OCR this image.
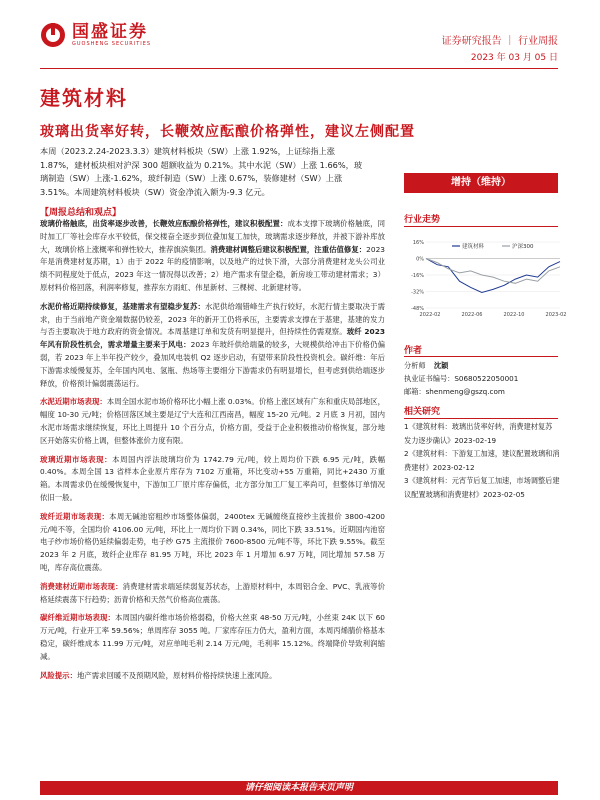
国盛证券
GUOSHENG SECURITIES	证券研究报告 ｜ 行业周报
2023 年 03 月 05 日
建筑材料
玻璃出货率好转，长鞭效应酝酿价格弹性，建议左侧配置
本周（2023.2.24-2023.3.3）建筑材料板块（SW）上涨 1.92%，上证综指上涨 1.87%，建材板块相对沪深 300 超额收益为 0.21%。其中水泥（SW）上涨 1.66%，玻璃制造（SW）上涨-1.62%，玻纤制造（SW）上涨 0.67%，装修建材（SW）上涨 3.51%。本周建筑材料板块（SW）资金净流入额为-9.3 亿元。
增持（维持）
【周报总结和观点】
玻璃价格触底，出货率逐步改善，长鞭效应酝酿价格弹性，建议积极配置：成本支撑下玻璃价格触底，同时加工厂等社会库存水平较低，保交楼奋全逐步到位叠加复工加快，玻璃需求逐步释放，并被下游补库放大，玻璃价格上涨概率和弹性较大，推荐旗滨集团。消费建材调整后建议积极配置，注重估值修复：2023 年是消费建材复苏期，1）由于 2022 年的疫情影响，以及地产的过快下滑，大部分消费建材龙头公司业绩不同程度处于低点，2023 年这一情况得以改善；2）地产需求有望企稳，新房竣工带动建材需求；3）原材料价格回落，利润率修复，推荐东方雨虹、伟星新材、三棵树、北新建材等。
水泥价格近期持续修复，基建需求有望稳步复苏：水泥供给端错峰生产执行较好，水泥行情主要取决于需求，由于当前地产资金端数据仍较差，2023 年的新开工仍将承压，主要需求支撑在于基建，基建的发力与否主要取决于地方政府的资金情况。本周基建订单和发货有明显提升，但持续性仍需观察。玻纤 2023 年风有阶段性机会，需求增量主要来于风电：2023 年玻纤供给端量的较多，大规模供给冲击下价格仍偏弱，若 2023 年上半年投产较少，叠加风电装机 Q2 逐步启动，有望带来阶段性投资机会。碳纤维：年后下游需求缓慢复苏，全年国内风电、氢瓶、热场等主要细分下游需求仍有明显增长，但考虑到供给端逐步释放，价格预计偏弱震荡运行。
水泥近期市场表现：本周全国水泥市场价格环比小幅上涨 0.03%。价格上涨区域有广东和重庆局部地区，幅度 10-30 元/吨；价格回落区域主要是辽宁大连和江西南昌，幅度 15-20 元/吨。2 月底 3 月初，国内水泥市场需求继续恢复，环比上周提升 10 个百分点，价格方面，受益于企业积极推动价格恢复，部分地区开始落实价格上调，但整体涨价力度有限。
玻璃近期市场表现：本周国内浮法玻璃均价为 1742.79 元/吨，较上周均价下跌 6.95 元/吨，跌幅 0.40%。本周全国 13 省样本企业原片库存为 7102 万重箱，环比变动+55 万重箱，同比+2430 万重箱。本周需求仍在缓慢恢复中，下游加工厂原片库存偏低，北方部分加工厂复工率尚可，但整体订单情况依旧一般。
玻纤近期市场表现：本周无碱池窑粗纱市场整体偏弱，2400tex 无碱缠绕直接纱主流报价 3800-4200 元/吨不等，全国均价 4106.00 元/吨，环比上一周均价下调 0.34%，同比下跌 33.51%。近期国内池窑电子纱市场价格仍延续偏弱走势，电子纱 G75 主流报价 7600-8500 元/吨不等，环比下跌 9.55%。截至 2023 年 2 月底，玻纤企业库存 81.95 万吨，环比 2023 年 1 月增加 6.97 万吨，同比增加 57.58 万吨，库存高位震荡。
消费建材近期市场表现：消费建材需求端延续弱复苏状态，上游原材料中，本周铝合金、PVC、乳液等价格延续震荡下行趋势；沥青价格和天然气价格高位震荡。
碳纤维近期市场表现：本周国内碳纤维市场价格弱稳，价格大丝束 48-50 万元/吨，小丝束 24K 以下 60 万元/吨，行业开工率 59.56%；单周库存 3055 吨。厂家库存压力仍大，盈利方面，本周丙烯腈价格基本稳定，碳纤维成本 11.99 万元/吨，对应单吨毛利 2.14 万元/吨，毛利率 15.12%。终端降价导致利润缩减。
风险提示：地产需求回暖不及预期风险，原材料价格持续快速上涨风险。
行业走势
16%
0%
-16%
-32%
-48%
2022-02	2022-06	2022-10	2023-02
建筑材料	沪深300
作者
分析师 沈颖
执业证书编号：S0680522050001
邮箱：shenmeng@gszq.com
相关研究
1《建筑材料：玻璃出货率好转，消费建材复苏
发力逐步确认》2023-02-19
2《建筑材料：下游复工加速，建议配置玻璃和消费建材》2023-02-12
3《建筑材料：元宵节后复工加速，市场调整后建议配置玻璃和消费建材》2023-02-05
请仔细阅读本报告末页声明
